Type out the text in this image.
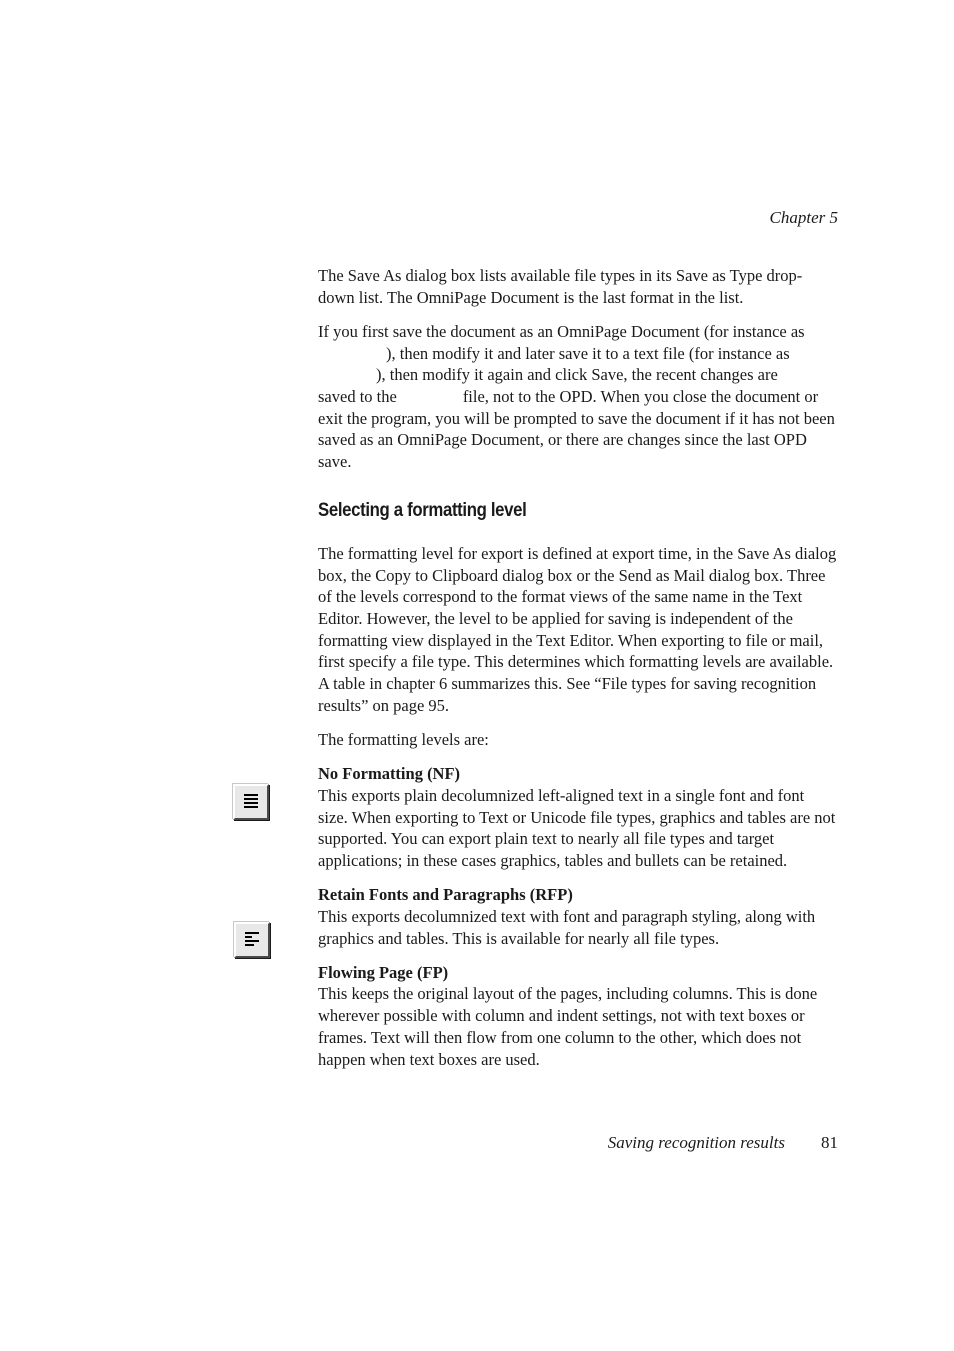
Chapter 5

The Save As dialog box lists available file types in its Save as Type drop-down list. The OmniPage Document is the last format in the list.

If you first save the document as an OmniPage Document (for instance as
), then modify it and later save it to a text file (for instance as
), then modify it again and click Save, the recent changes are
saved to the	file, not to the OPD. When you close the document or exit the program, you will be prompted to save the document if it has not been saved as an OmniPage Document, or there are changes since the last OPD save.

Selecting a formatting level

The formatting level for export is defined at export time, in the Save As dialog box, the Copy to Clipboard dialog box or the Send as Mail dialog box. Three of the levels correspond to the format views of the same name in the Text Editor. However, the level to be applied for saving is independent of the formatting view displayed in the Text Editor. When exporting to file or mail, first specify a file type. This determines which formatting levels are available. A table in chapter 6 summarizes this. See “File types for saving recognition results” on page 95.

The formatting levels are:

No Formatting (NF)
This exports plain decolumnized left-aligned text in a single font and font size. When exporting to Text or Unicode file types, graphics and tables are not supported. You can export plain text to nearly all file types and target applications; in these cases graphics, tables and bullets can be retained.
Retain Fonts and Paragraphs (RFP)
This exports decolumnized text with font and paragraph styling, along with graphics and tables. This is available for nearly all file types.
Flowing Page (FP)
This keeps the original layout of the pages, including columns. This is done wherever possible with column and indent settings, not with text boxes or frames. Text will then flow from one column to the other, which does not happen when text boxes are used.
Saving recognition results 81
